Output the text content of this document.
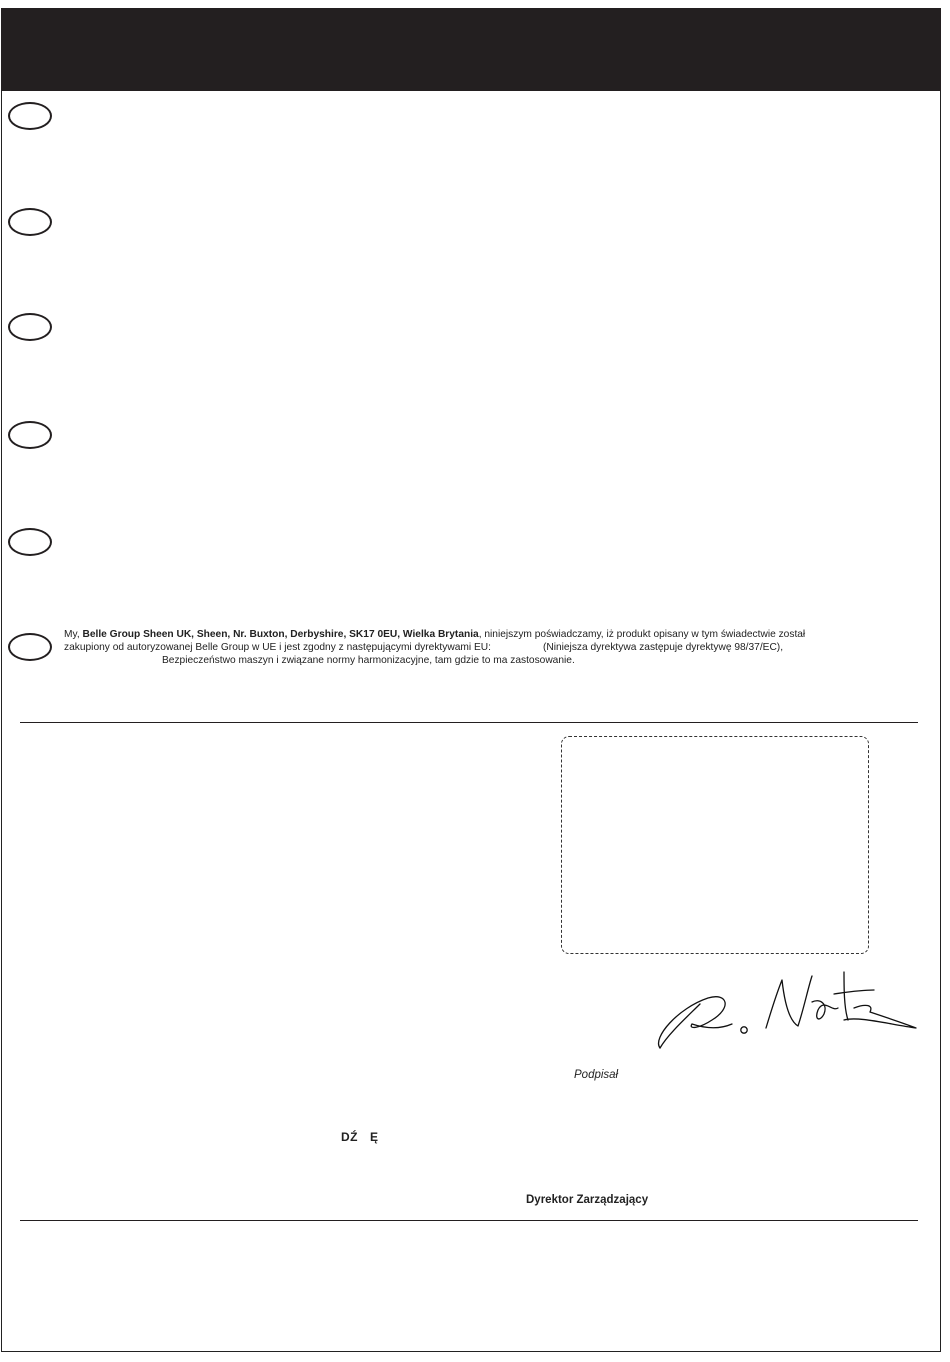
My, Belle Group Sheen UK, Sheen, Nr. Buxton, Derbyshire, SK17 0EU, Wielka Brytania, niniejszym poświadczamy, iż produkt opisany w tym świadectwie został
zakupiony od autoryzowanej Belle Group w UE i jest zgodny z następującymi dyrektywami EU:	(Niniejsza dyrektywa zastępuje dyrektywę 98/37/EC),
Bezpieczeństwo maszyn i związane normy harmonizacyjne, tam gdzie to ma zastosowanie.

Podpisał
DŹ Ę
Dyrektor Zarządzający
